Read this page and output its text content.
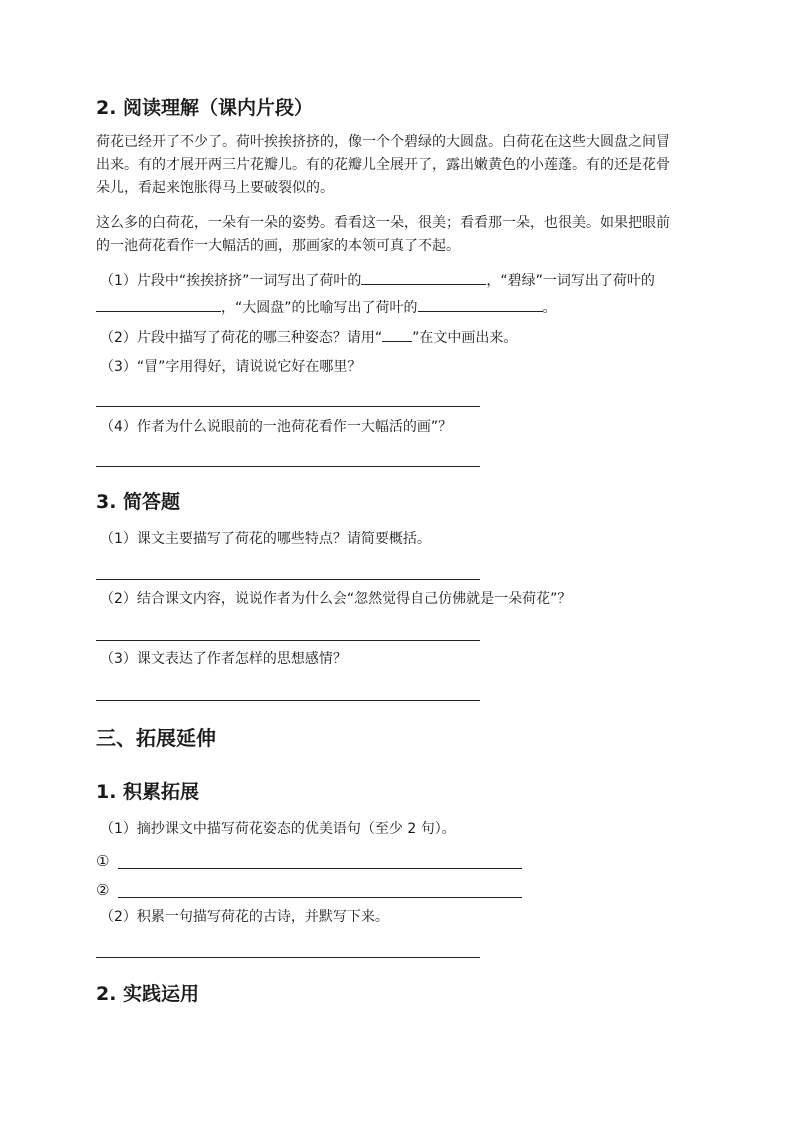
2. 阅读理解（课内片段）
荷花已经开了不少了。荷叶挨挨挤挤的，像一个个碧绿的大圆盘。白荷花在这些大圆盘之间冒
出来。有的才展开两三片花瓣儿。有的花瓣儿全展开了，露出嫩黄色的小莲蓬。有的还是花骨
朵儿，看起来饱胀得马上要破裂似的。
这么多的白荷花，一朵有一朵的姿势。看看这一朵，很美；看看那一朵，也很美。如果把眼前
的一池荷花看作一大幅活的画，那画家的本领可真了不起。
（1）片段中“挨挨挤挤”一词写出了荷叶的	，“碧绿”一词写出了荷叶的
，“大圆盘”的比喻写出了荷叶的	。
（2）片段中描写了荷花的哪三种姿态？请用“ ”在文中画出来。
（3）“冒”字用得好，请说说它好在哪里？
（4）作者为什么说眼前的一池荷花看作一大幅活的画”？
3. 简答题
（1）课文主要描写了荷花的哪些特点？请简要概括。
（2）结合课文内容，说说作者为什么会“忽然觉得自己仿佛就是一朵荷花”？
（3）课文表达了作者怎样的思想感情？
三、拓展延伸
1. 积累拓展
（1）摘抄课文中描写荷花姿态的优美语句（至少 2 句）。
①
②
（2）积累一句描写荷花的古诗，并默写下来。
2. 实践运用
